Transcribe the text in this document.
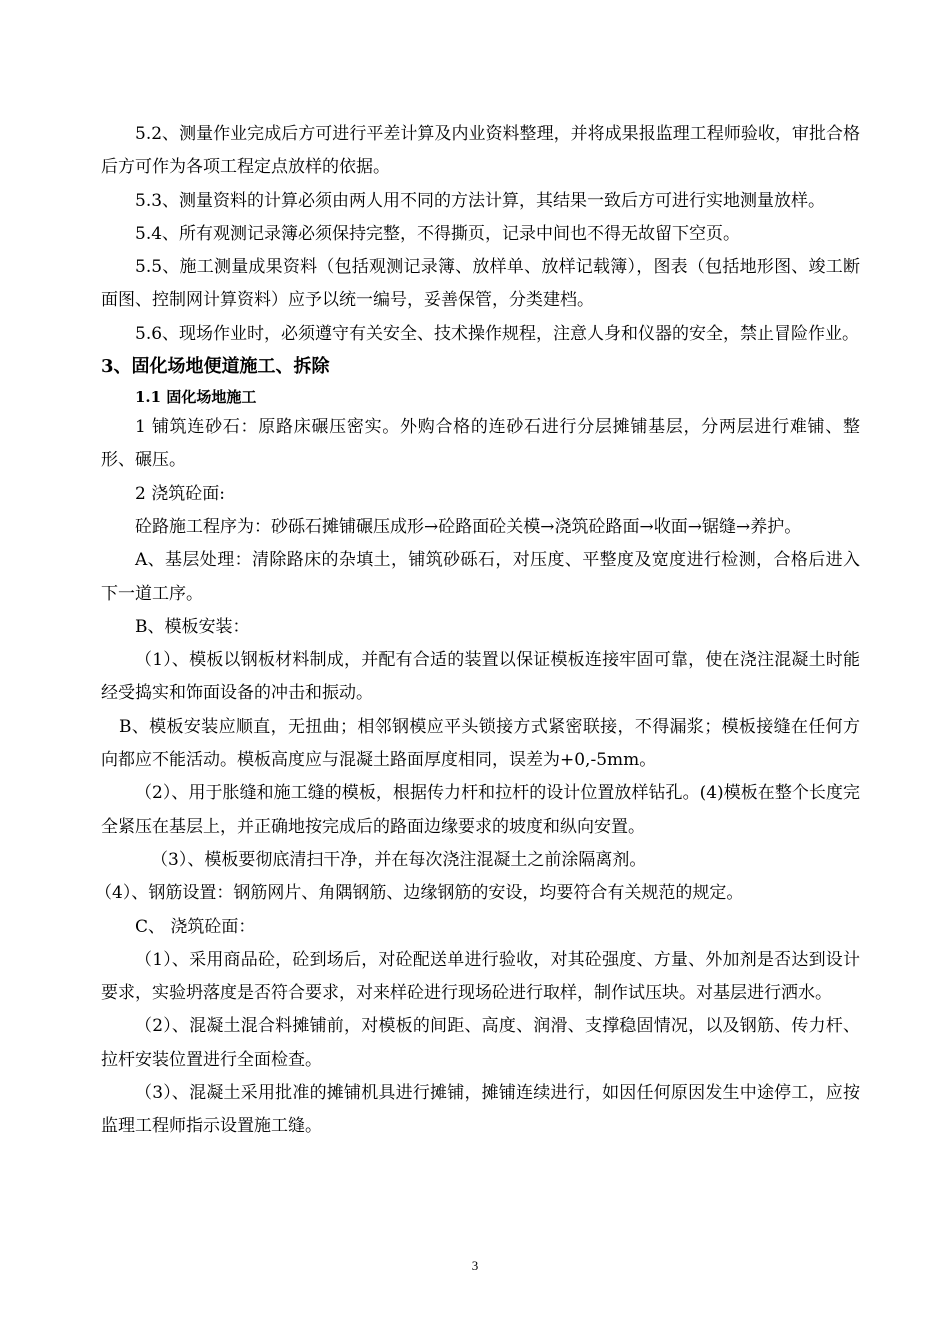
5.2、测量作业完成后方可进行平差计算及内业资料整理，并将成果报监理工程师验收，审批合格后方可作为各项工程定点放样的依据。

5.3、测量资料的计算必须由两人用不同的方法计算，其结果一致后方可进行实地测量放样。

5.4、所有观测记录簿必须保持完整，不得撕页，记录中间也不得无故留下空页。

5.5、施工测量成果资料（包括观测记录簿、放样单、放样记载簿），图表（包括地形图、竣工断面图、控制网计算资料）应予以统一编号，妥善保管，分类建档。

5.6、现场作业时，必须遵守有关安全、技术操作规程，注意人身和仪器的安全，禁止冒险作业。

3、固化场地便道施工、拆除
1.1 固化场地施工

1 铺筑连砂石：原路床碾压密实。外购合格的连砂石进行分层摊铺基层，分两层进行难铺、整形、碾压。

2 浇筑砼面:

砼路施工程序为：砂砾石摊铺碾压成形→砼路面砼关模→浇筑砼路面→收面→锯缝→养护。

A、基层处理：清除路床的杂填土，铺筑砂砾石，对压度、平整度及宽度进行检测，合格后进入下一道工序。

B、模板安装：

（1）、模板以钢板材料制成，并配有合适的装置以保证模板连接牢固可靠，使在浇注混凝土时能经受捣实和饰面设备的冲击和振动。

B、模板安装应顺直，无扭曲；相邻钢模应平头锁接方式紧密联接，不得漏浆；模板接缝在任何方向都应不能活动。模板高度应与混凝土路面厚度相同，误差为+0,-5mm。

（2）、用于胀缝和施工缝的模板，根据传力杆和拉杆的设计位置放样钻孔。(4)模板在整个长度完全紧压在基层上，并正确地按完成后的路面边缘要求的坡度和纵向安置。

（3）、模板要彻底清扫干净，并在每次浇注混凝土之前涂隔离剂。

（4）、钢筋设置：钢筋网片、角隅钢筋、边缘钢筋的安设，均要符合有关规范的规定。

C、 浇筑砼面：

（1）、采用商品砼，砼到场后，对砼配送单进行验收，对其砼强度、方量、外加剂是否达到设计要求，实验坍落度是否符合要求，对来样砼进行现场砼进行取样，制作试压块。对基层进行洒水。

（2）、混凝土混合料摊铺前，对模板的间距、高度、润滑、支撑稳固情况，以及钢筋、传力杆、拉杆安装位置进行全面检查。

（3）、混凝土采用批准的摊铺机具进行摊铺，摊铺连续进行，如因任何原因发生中途停工，应按监理工程师指示设置施工缝。

3
